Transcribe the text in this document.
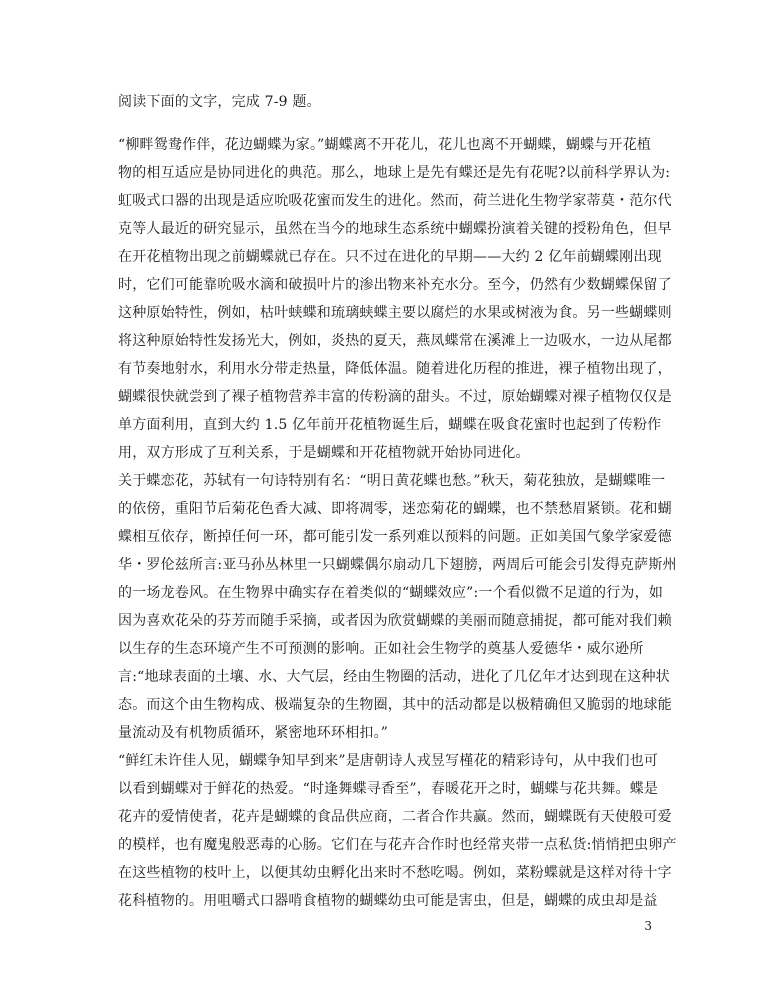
阅读下面的文字，完成 7-9 题。
“柳畔鸳鸯作伴，花边蝴蝶为家。”蝴蝶离不开花儿，花儿也离不开蝴蝶，蝴蝶与开花植
物的相互适应是协同进化的典范。那么，地球上是先有蝶还是先有花呢?以前科学界认为:
虹吸式口器的出现是适应吮吸花蜜而发生的进化。然而，荷兰进化生物学家蒂莫・范尔代
克等人最近的研究显示，虽然在当今的地球生态系统中蝴蝶扮演着关键的授粉角色，但早
在开花植物出现之前蝴蝶就已存在。只不过在进化的早期——大约 2 亿年前蝴蝶刚出现
时，它们可能靠吮吸水滴和破损叶片的渗出物来补充水分。至今，仍然有少数蝴蝶保留了
这种原始特性，例如，枯叶蛱蝶和琉璃蛱蝶主要以腐烂的水果或树液为食。另一些蝴蝶则
将这种原始特性发扬光大，例如，炎热的夏天，燕凤蝶常在溪滩上一边吸水，一边从尾都
有节奏地射水，利用水分带走热量，降低体温。随着进化历程的推进，裸子植物出现了，
蝴蝶很快就尝到了裸子植物营养丰富的传粉滴的甜头。不过，原始蝴蝶对裸子植物仅仅是
单方面利用，直到大约 1.5 亿年前开花植物诞生后，蝴蝶在吸食花蜜时也起到了传粉作
用，双方形成了互利关系，于是蝴蝶和开花植物就开始协同进化。
关于蝶恋花，苏轼有一句诗特别有名：“明日黄花蝶也愁。”秋天，菊花独放，是蝴蝶唯一
的依傍，重阳节后菊花色香大减、即将凋零，迷恋菊花的蝴蝶，也不禁愁眉紧锁。花和蝴
蝶相互依存，断掉任何一环，都可能引发一系列难以预料的问题。正如美国气象学家爱德
华・罗伦兹所言:亚马孙丛林里一只蝴蝶偶尔扇动几下翅膀，两周后可能会引发得克萨斯州
的一场龙卷风。在生物界中确实存在着类似的“蝴蝶效应”:一个看似微不足道的行为，如
因为喜欢花朵的芬芳而随手采摘，或者因为欣赏蝴蝶的美丽而随意捕捉，都可能对我们赖
以生存的生态环境产生不可预测的影响。正如社会生物学的奠基人爱德华・威尔逊所
言:“地球表面的土壤、水、大气层，经由生物圈的活动，进化了几亿年才达到现在这种状
态。而这个由生物构成、极端复杂的生物圈，其中的活动都是以极精确但又脆弱的地球能
量流动及有机物质循环，紧密地环环相扣。”
“鲜红未许佳人见，蝴蝶争知早到来”是唐朝诗人戎昱写槿花的精彩诗句，从中我们也可
以看到蝴蝶对于鲜花的热爱。“时逢舞蝶寻香至”，春暖花开之时，蝴蝶与花共舞。蝶是
花卉的爱情使者，花卉是蝴蝶的食品供应商，二者合作共赢。然而，蝴蝶既有天使般可爱
的模样，也有魔鬼般恶毒的心肠。它们在与花卉合作时也经常夹带一点私货:悄悄把虫卵产
在这些植物的枝叶上，以便其幼虫孵化出来时不愁吃喝。例如，菜粉蝶就是这样对待十字
花科植物的。用咀嚼式口器啃食植物的蝴蝶幼虫可能是害虫，但是，蝴蝶的成虫却是益
3
